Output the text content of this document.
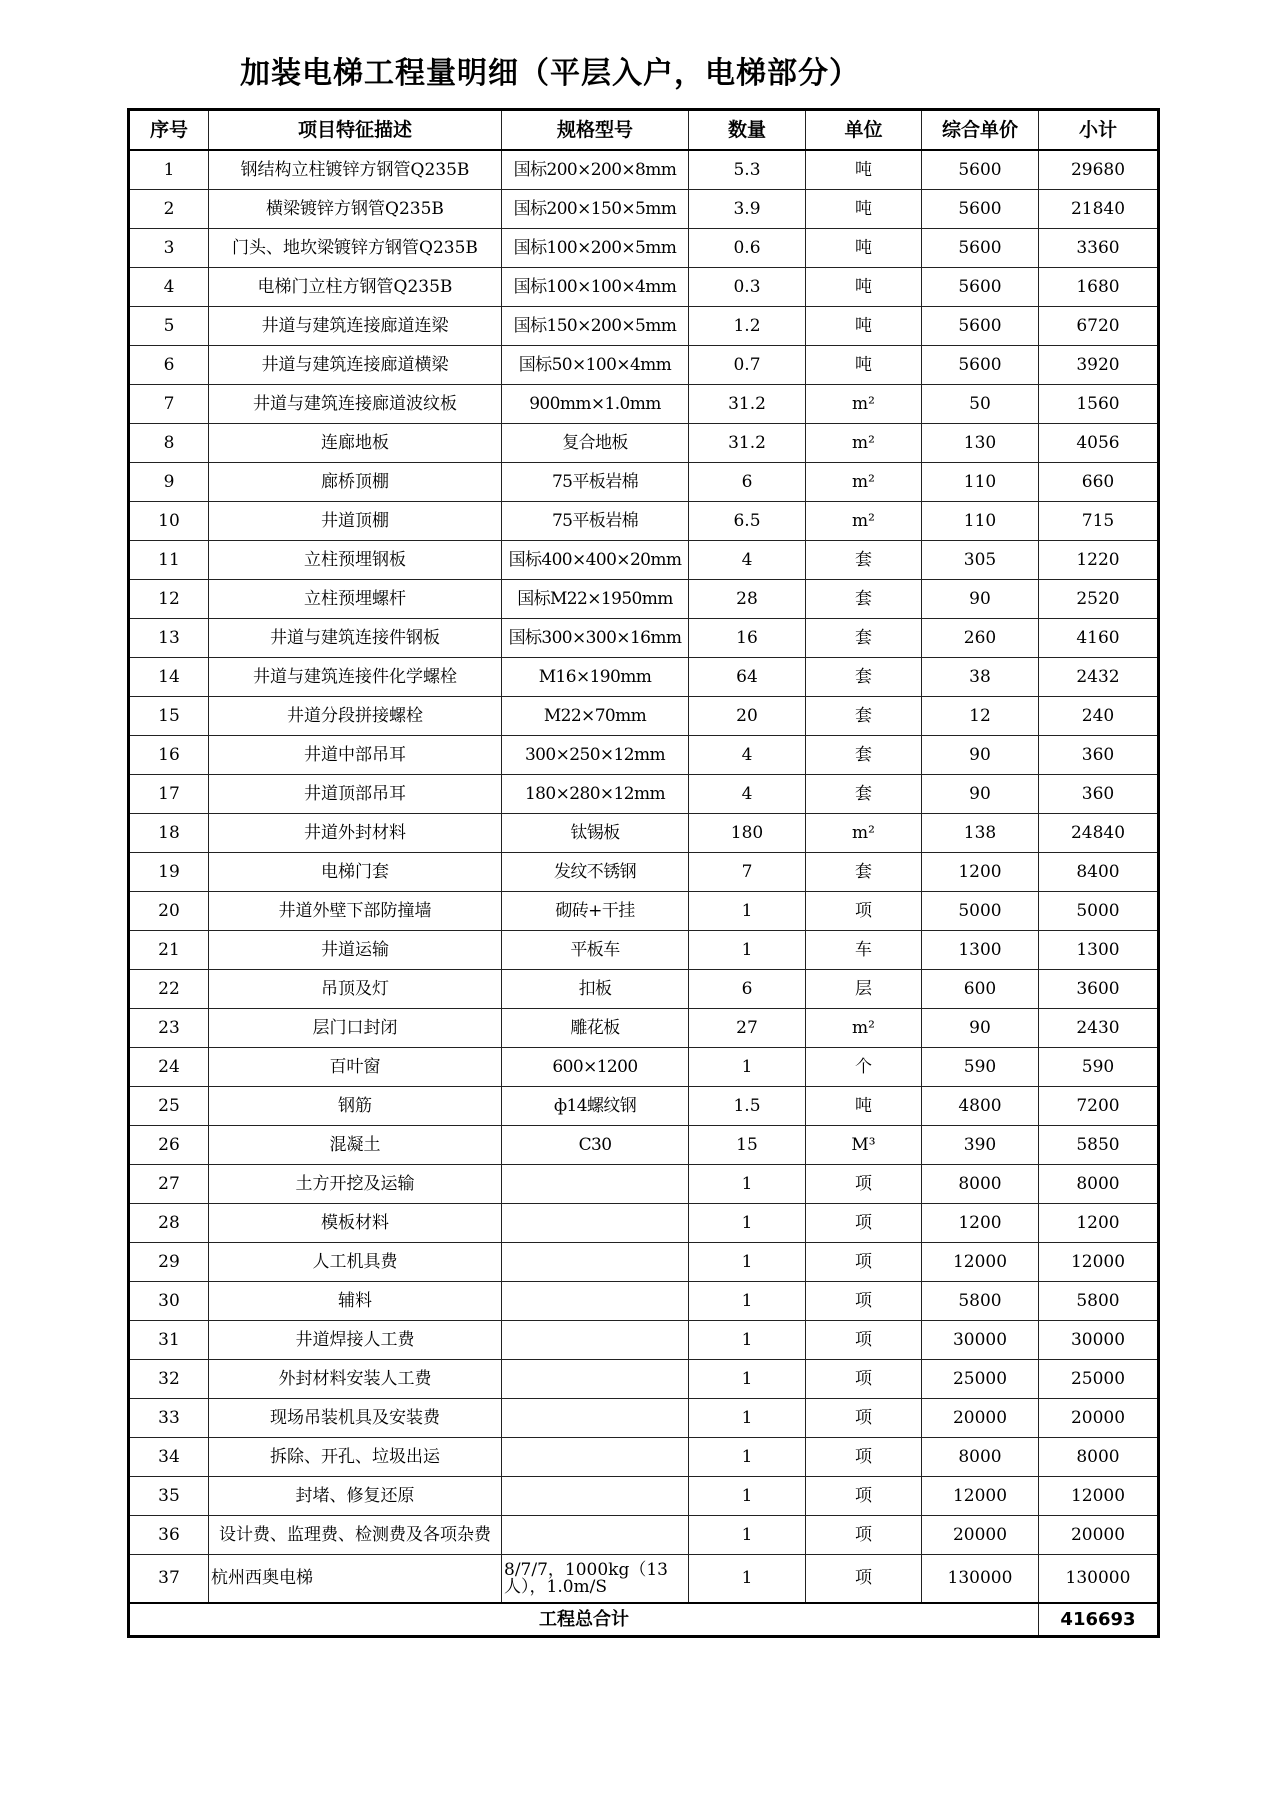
加装电梯工程量明细（平层入户，电梯部分）
序号	项目特征描述	规格型号	数量	单位	综合单价	小计
1	钢结构立柱镀锌方钢管Q235B	国标200×200×8mm	5.3	吨	5600	29680
2	横梁镀锌方钢管Q235B	国标200×150×5mm	3.9	吨	5600	21840
3	门头、地坎梁镀锌方钢管Q235B	国标100×200×5mm	0.6	吨	5600	3360
4	电梯门立柱方钢管Q235B	国标100×100×4mm	0.3	吨	5600	1680
5	井道与建筑连接廊道连梁	国标150×200×5mm	1.2	吨	5600	6720
6	井道与建筑连接廊道横梁	国标50×100×4mm	0.7	吨	5600	3920
7	井道与建筑连接廊道波纹板	900mm×1.0mm	31.2	m²	50	1560
8	连廊地板	复合地板	31.2	m²	130	4056
9	廊桥顶棚	75平板岩棉	6	m²	110	660
10	井道顶棚	75平板岩棉	6.5	m²	110	715
11	立柱预埋钢板	国标400×400×20mm	4	套	305	1220
12	立柱预埋螺杆	国标M22×1950mm	28	套	90	2520
13	井道与建筑连接件钢板	国标300×300×16mm	16	套	260	4160
14	井道与建筑连接件化学螺栓	M16×190mm	64	套	38	2432
15	井道分段拼接螺栓	M22×70mm	20	套	12	240
16	井道中部吊耳	300×250×12mm	4	套	90	360
17	井道顶部吊耳	180×280×12mm	4	套	90	360
18	井道外封材料	钛锡板	180	m²	138	24840
19	电梯门套	发纹不锈钢	7	套	1200	8400
20	井道外壁下部防撞墙	砌砖+干挂	1	项	5000	5000
21	井道运输	平板车	1	车	1300	1300
22	吊顶及灯	扣板	6	层	600	3600
23	层门口封闭	雕花板	27	m²	90	2430
24	百叶窗	600×1200	1	个	590	590
25	钢筋	ф14螺纹钢	1.5	吨	4800	7200
26	混凝土	C30	15	M³	390	5850
27	土方开挖及运输		1	项	8000	8000
28	模板材料		1	项	1200	1200
29	人工机具费		1	项	12000	12000
30	辅料		1	项	5800	5800
31	井道焊接人工费		1	项	30000	30000
32	外封材料安装人工费		1	项	25000	25000
33	现场吊装机具及安装费		1	项	20000	20000
34	拆除、开孔、垃圾出运		1	项	8000	8000
35	封堵、修复还原		1	项	12000	12000
36	设计费、监理费、检测费及各项杂费		1	项	20000	20000
37	杭州西奥电梯	8/7/7，1000kg（13人），1.0m/S	1	项	130000	130000
工程总合计						416693
